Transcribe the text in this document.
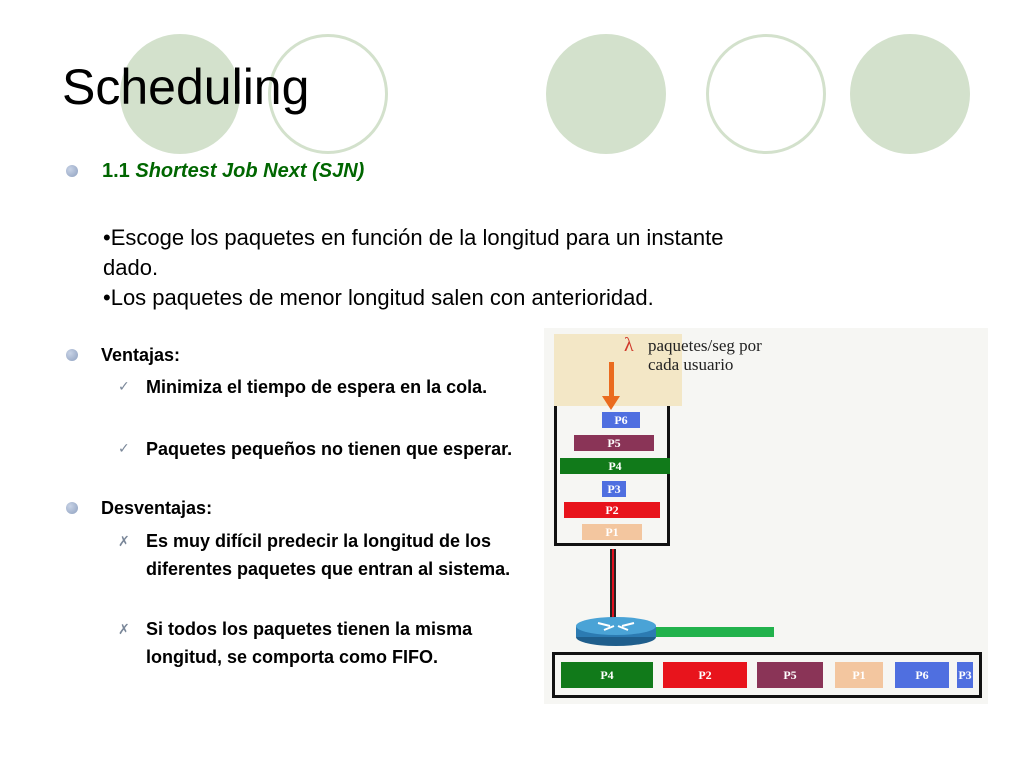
Scheduling
1.1 Shortest Job Next (SJN)
•Escoge los paquetes en función de la longitud para un instante
dado.
•Los paquetes de menor longitud salen con anterioridad.
Ventajas:
✓ Minimiza el tiempo de espera en la cola.
✓ Paquetes pequeños no tienen que esperar.
Desventajas:
✗ Es muy difícil predecir la longitud de los diferentes paquetes que entran al sistema.
✗ Si todos los paquetes tienen la misma longitud, se comporta como FIFO.
λ paquetes/seg por
cada usuario
P6
P5
P4
P3
P2
P1
P4	P2	P5	P1	P6	P3
